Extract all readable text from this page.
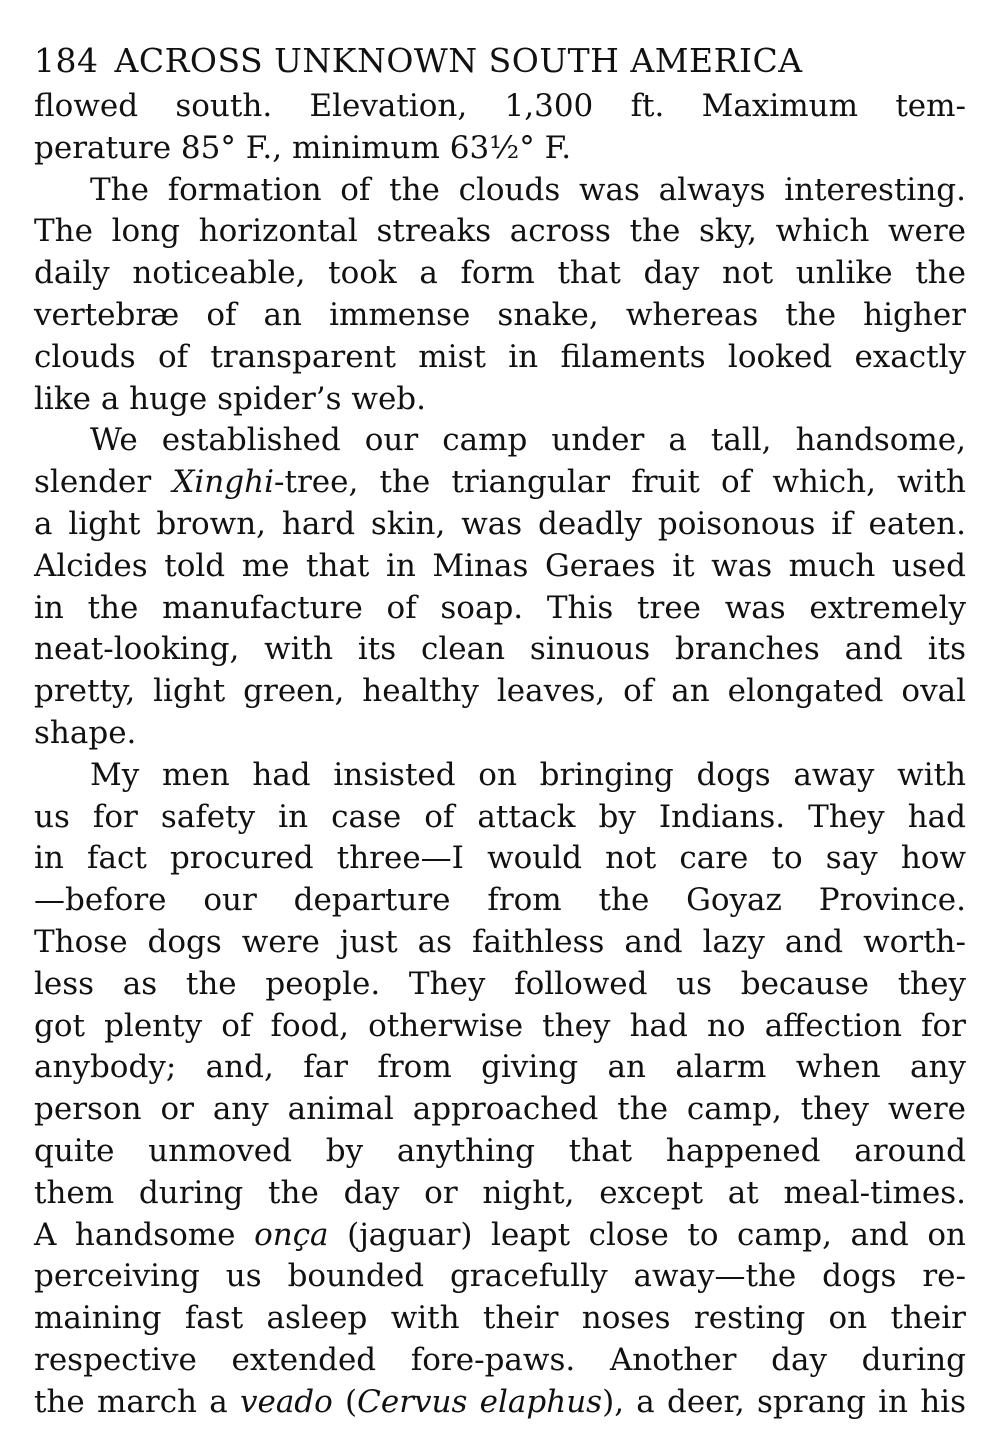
184 ACROSS UNKNOWN SOUTH AMERICA
flowed south. Elevation, 1,300 ft. Maximum tem-
perature 85° F., minimum 63½° F.
The formation of the clouds was always interesting.
The long horizontal streaks across the sky, which were
daily noticeable, took a form that day not unlike the
vertebræ of an immense snake, whereas the higher
clouds of transparent mist in filaments looked exactly
like a huge spider’s web.
We established our camp under a tall, handsome,
slender Xinghi-tree, the triangular fruit of which, with
a light brown, hard skin, was deadly poisonous if eaten.
Alcides told me that in Minas Geraes it was much used
in the manufacture of soap. This tree was extremely
neat-looking, with its clean sinuous branches and its
pretty, light green, healthy leaves, of an elongated oval
shape.
My men had insisted on bringing dogs away with
us for safety in case of attack by Indians. They had
in fact procured three—I would not care to say how
—before our departure from the Goyaz Province.
Those dogs were just as faithless and lazy and worth-
less as the people. They followed us because they
got plenty of food, otherwise they had no affection for
anybody; and, far from giving an alarm when any
person or any animal approached the camp, they were
quite unmoved by anything that happened around
them during the day or night, except at meal-times.
A handsome onça (jaguar) leapt close to camp, and on
perceiving us bounded gracefully away—the dogs re-
maining fast asleep with their noses resting on their
respective extended fore-paws. Another day during
the march a veado (Cervus elaphus), a deer, sprang in his
